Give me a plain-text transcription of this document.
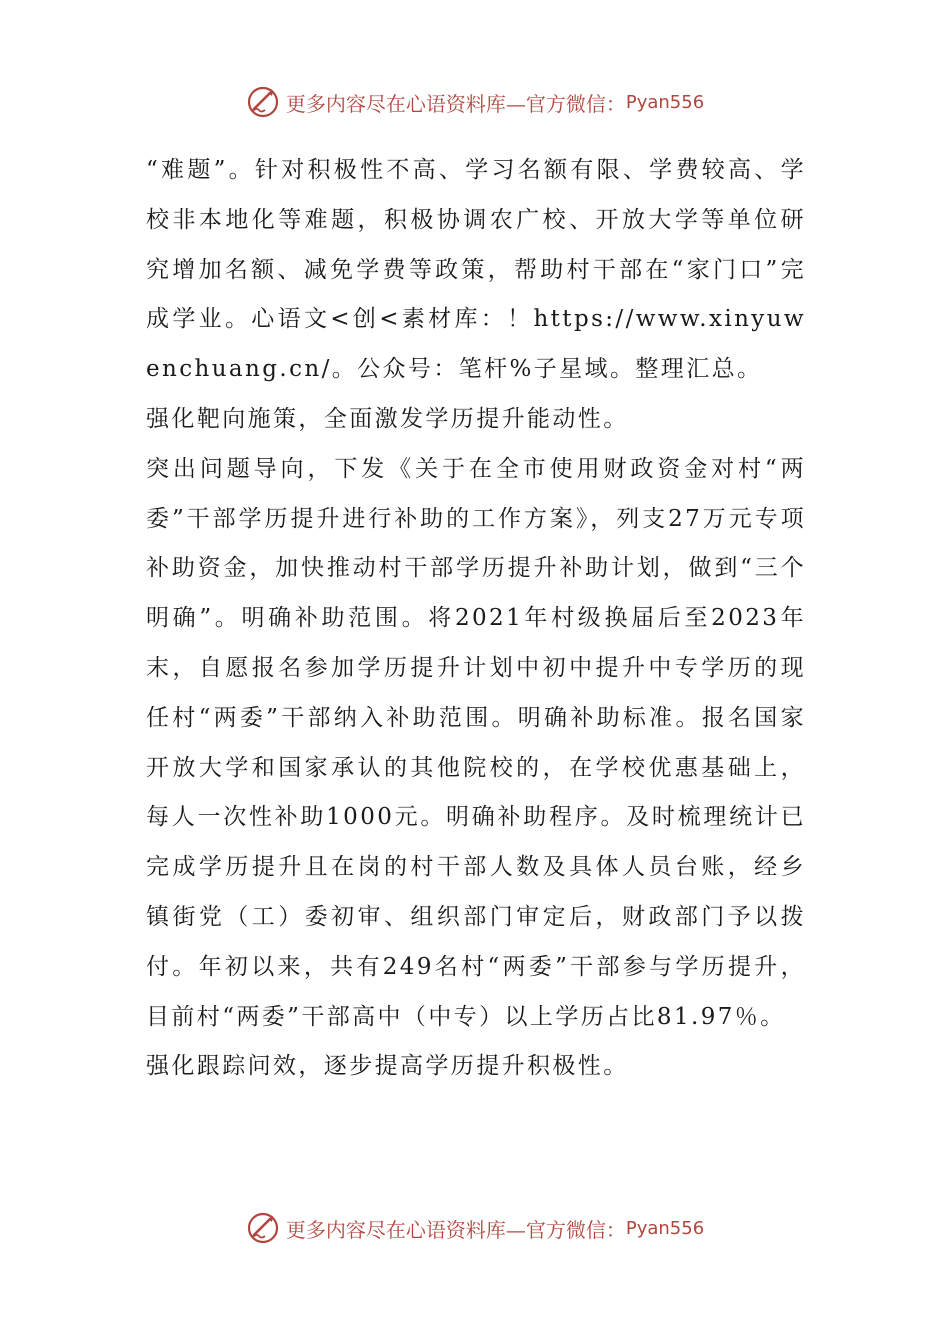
更多内容尽在心语资料库—官方微信： Pyan556

“难题”。针对积极性不高、学习名额有限、学费较高、学校非本地化等难题，积极协调农广校、开放大学等单位研究增加名额、减免学费等政策，帮助村干部在“家门口”完成学业。心语文<创<素材库：！https://www.xinyuwenchuang.cn/。公众号：笔杆%子星域。整理汇总。

强化靶向施策，全面激发学历提升能动性。

突出问题导向，下发《关于在全市使用财政资金对村“两委”干部学历提升进行补助的工作方案》，列支27万元专项补助资金，加快推动村干部学历提升补助计划，做到“三个明确”。明确补助范围。将2021年村级换届后至2023年末，自愿报名参加学历提升计划中初中提升中专学历的现任村“两委”干部纳入补助范围。明确补助标准。报名国家开放大学和国家承认的其他院校的，在学校优惠基础上，每人一次性补助1000元。明确补助程序。及时梳理统计已完成学历提升且在岗的村干部人数及具体人员台账，经乡镇街党（工）委初审、组织部门审定后，财政部门予以拨付。年初以来，共有249名村“两委”干部参与学历提升，目前村“两委”干部高中（中专）以上学历占比81.97％。

强化跟踪问效，逐步提高学历提升积极性。

更多内容尽在心语资料库—官方微信： Pyan556
